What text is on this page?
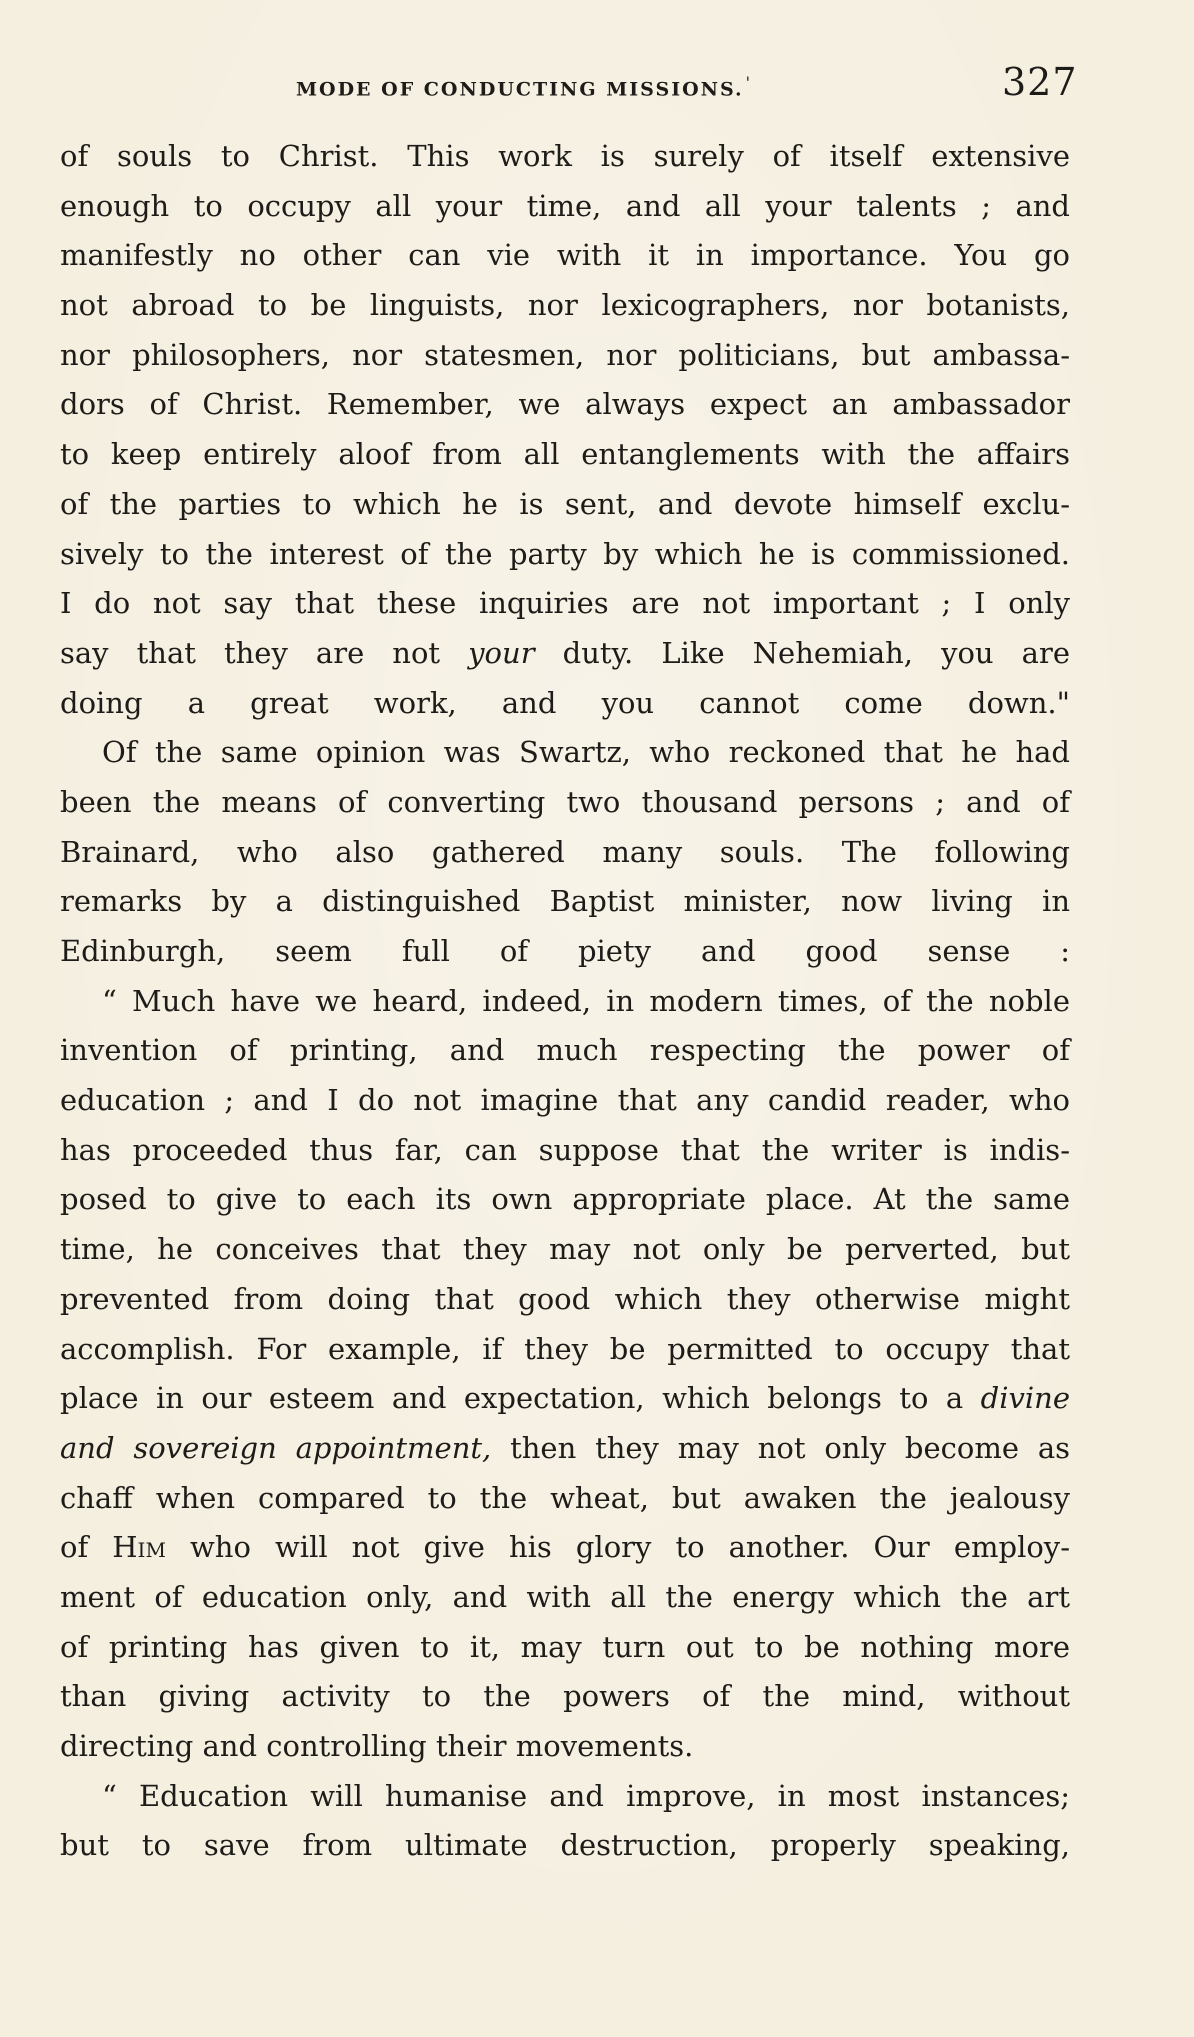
MODE OF CONDUCTING MISSIONS. '	327
of souls to Christ. This work is surely of itself extensive
enough to occupy all your time, and all your talents ; and
manifestly no other can vie with it in importance. You go
not abroad to be linguists, nor lexicographers, nor botanists,
nor philosophers, nor statesmen, nor politicians, but ambassa-
dors of Christ. Remember, we always expect an ambassador
to keep entirely aloof from all entanglements with the affairs
of the parties to which he is sent, and devote himself exclu-
sively to the interest of the party by which he is commissioned.
I do not say that these inquiries are not important ; I only
say that they are not your duty. Like Nehemiah, you are
doing a great work, and you cannot come down."
Of the same opinion was Swartz, who reckoned that he had
been the means of converting two thousand persons ; and of
Brainard, who also gathered many souls. The following
remarks by a distinguished Baptist minister, now living in
Edinburgh, seem full of piety and good sense :
“ Much have we heard, indeed, in modern times, of the noble
invention of printing, and much respecting the power of
education ; and I do not imagine that any candid reader, who
has proceeded thus far, can suppose that the writer is indis-
posed to give to each its own appropriate place. At the same
time, he conceives that they may not only be perverted, but
prevented from doing that good which they otherwise might
accomplish. For example, if they be permitted to occupy that
place in our esteem and expectation, which belongs to a divine
and sovereign appointment, then they may not only become as
chaff when compared to the wheat, but awaken the jealousy
of Him who will not give his glory to another. Our employ-
ment of education only, and with all the energy which the art
of printing has given to it, may turn out to be nothing more
than giving activity to the powers of the mind, without
directing and controlling their movements.
“ Education will humanise and improve, in most instances;
but to save from ultimate destruction, properly speaking,
